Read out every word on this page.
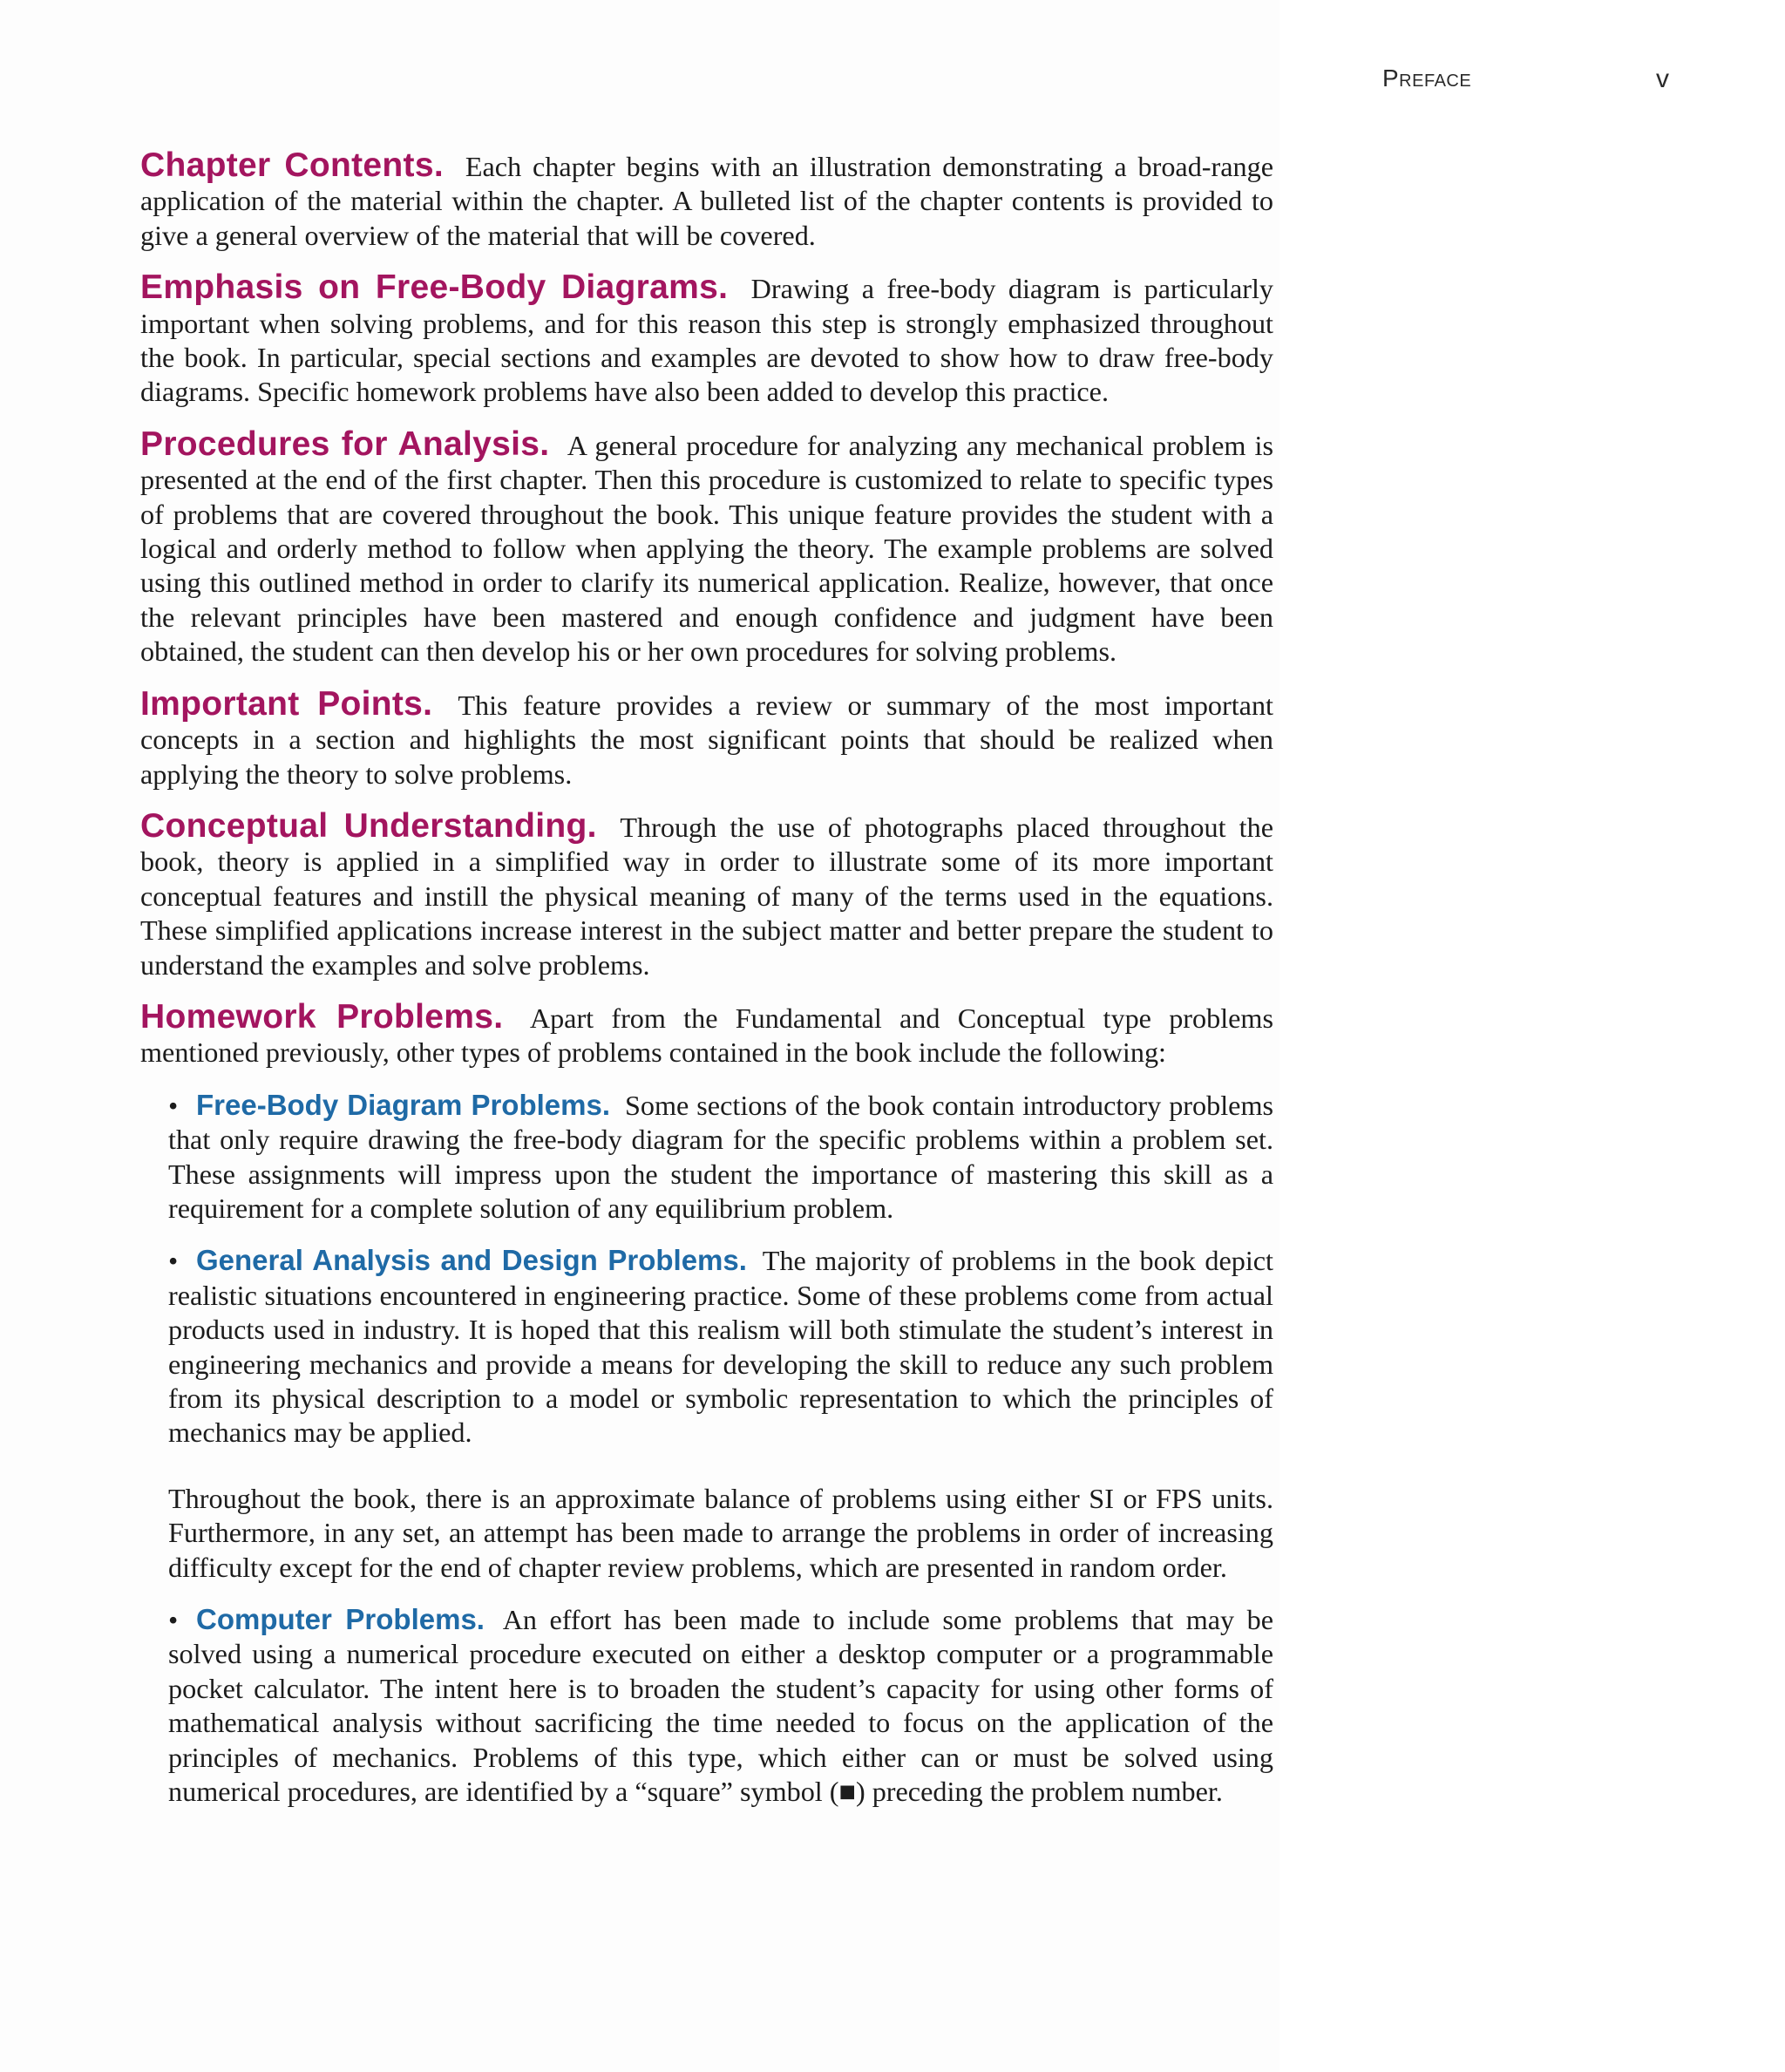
Preface	v

Chapter Contents. Each chapter begins with an illustration demonstrating a broad-range application of the material within the chapter. A bulleted list of the chapter contents is provided to give a general overview of the material that will be covered.

Emphasis on Free-Body Diagrams. Drawing a free-body diagram is particularly important when solving problems, and for this reason this step is strongly emphasized throughout the book. In particular, special sections and examples are devoted to show how to draw free-body diagrams. Specific homework problems have also been added to develop this practice.

Procedures for Analysis. A general procedure for analyzing any mechanical problem is presented at the end of the first chapter. Then this procedure is customized to relate to specific types of problems that are covered throughout the book. This unique feature provides the student with a logical and orderly method to follow when applying the theory. The example problems are solved using this outlined method in order to clarify its numerical application. Realize, however, that once the relevant principles have been mastered and enough confidence and judgment have been obtained, the student can then develop his or her own procedures for solving problems.

Important Points. This feature provides a review or summary of the most important concepts in a section and highlights the most significant points that should be realized when applying the theory to solve problems.

Conceptual Understanding. Through the use of photographs placed throughout the book, theory is applied in a simplified way in order to illustrate some of its more important conceptual features and instill the physical meaning of many of the terms used in the equations. These simplified applications increase interest in the subject matter and better prepare the student to understand the examples and solve problems.

Homework Problems. Apart from the Fundamental and Conceptual type problems mentioned previously, other types of problems contained in the book include the following:

• Free-Body Diagram Problems. Some sections of the book contain introductory problems that only require drawing the free-body diagram for the specific problems within a problem set. These assignments will impress upon the student the importance of mastering this skill as a requirement for a complete solution of any equilibrium problem.

• General Analysis and Design Problems. The majority of problems in the book depict realistic situations encountered in engineering practice. Some of these problems come from actual products used in industry. It is hoped that this realism will both stimulate the student’s interest in engineering mechanics and provide a means for developing the skill to reduce any such problem from its physical description to a model or symbolic representation to which the principles of mechanics may be applied.

Throughout the book, there is an approximate balance of problems using either SI or FPS units. Furthermore, in any set, an attempt has been made to arrange the problems in order of increasing difficulty except for the end of chapter review problems, which are presented in random order.

• Computer Problems. An effort has been made to include some problems that may be solved using a numerical procedure executed on either a desktop computer or a programmable pocket calculator. The intent here is to broaden the student’s capacity for using other forms of mathematical analysis without sacrificing the time needed to focus on the application of the principles of mechanics. Problems of this type, which either can or must be solved using numerical procedures, are identified by a “square” symbol (■) preceding the problem number.
